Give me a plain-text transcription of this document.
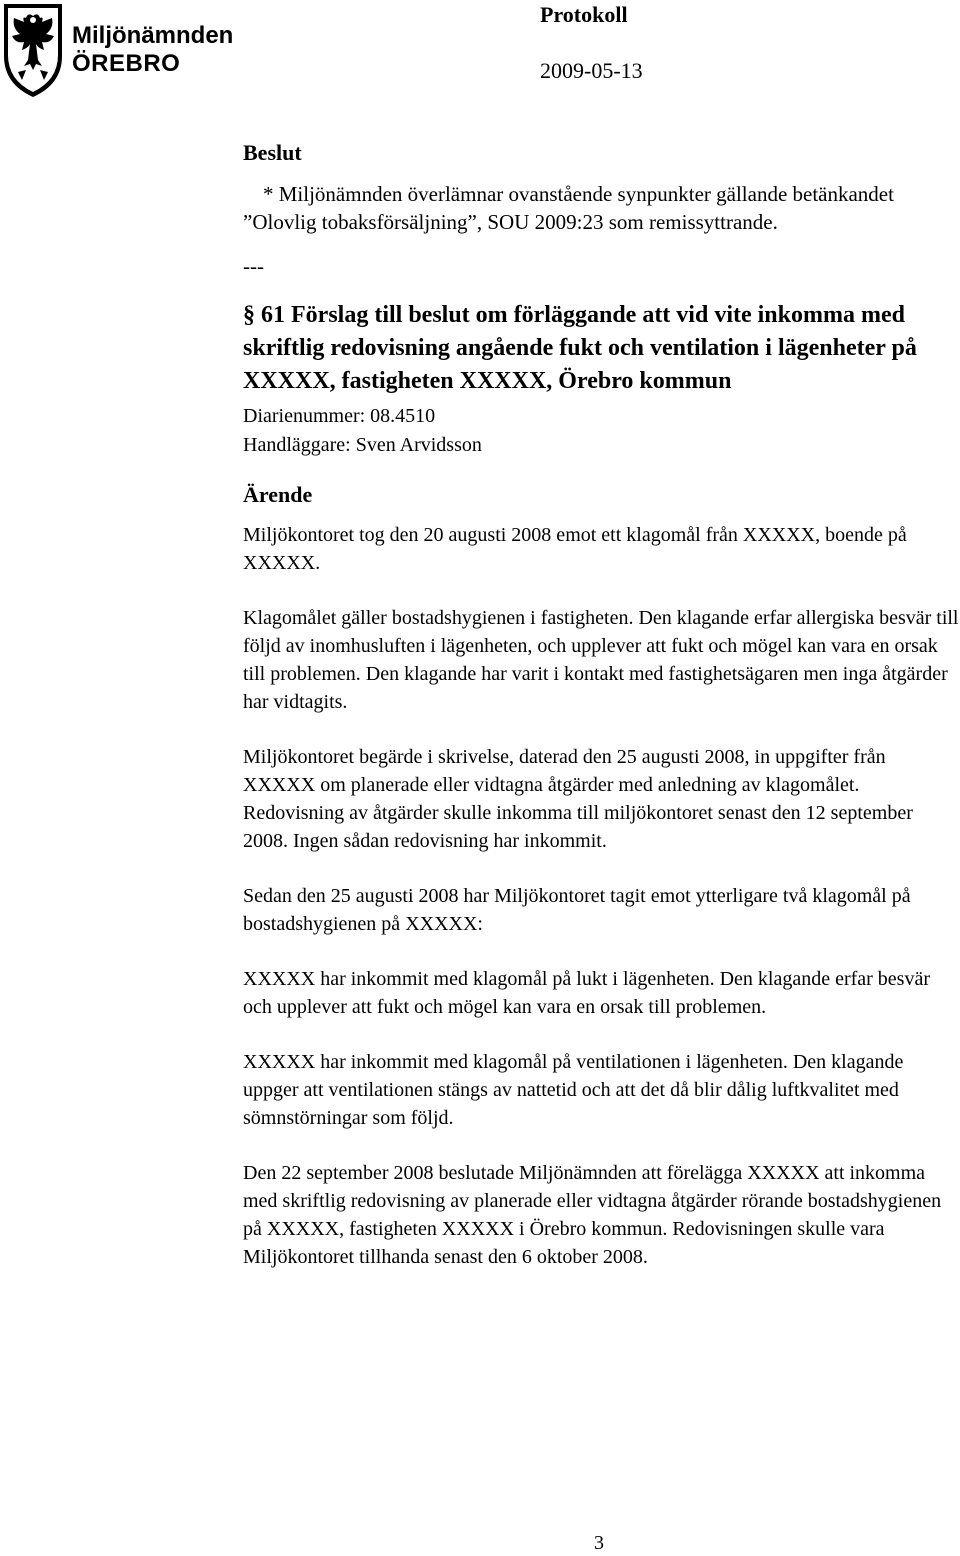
Miljönämnden
ÖREBRO
Protokoll
2009-05-13
Beslut

* Miljönämnden överlämnar ovanstående synpunkter gällande betänkandet ”Olovlig tobaksförsäljning”, SOU 2009:23 som remissyttrande.

---
§ 61 Förslag till beslut om förläggande att vid vite inkomma med skriftlig redovisning angående fukt och ventilation i lägenheter på XXXXX, fastigheten XXXXX, Örebro kommun
Diarienummer: 08.4510
Handläggare: Sven Arvidsson
Ärende

Miljökontoret tog den 20 augusti 2008 emot ett klagomål från XXXXX, boende på XXXXX.

Klagomålet gäller bostadshygienen i fastigheten. Den klagande erfar allergiska besvär till följd av inomhusluften i lägenheten, och upplever att fukt och mögel kan vara en orsak till problemen. Den klagande har varit i kontakt med fastighetsägaren men inga åtgärder har vidtagits.

Miljökontoret begärde i skrivelse, daterad den 25 augusti 2008, in uppgifter från XXXXX om planerade eller vidtagna åtgärder med anledning av klagomålet. Redovisning av åtgärder skulle inkomma till miljökontoret senast den 12 september 2008. Ingen sådan redovisning har inkommit.

Sedan den 25 augusti 2008 har Miljökontoret tagit emot ytterligare två klagomål på bostadshygienen på XXXXX:

XXXXX har inkommit med klagomål på lukt i lägenheten. Den klagande erfar besvär och upplever att fukt och mögel kan vara en orsak till problemen.

XXXXX har inkommit med klagomål på ventilationen i lägenheten. Den klagande uppger att ventilationen stängs av nattetid och att det då blir dålig luftkvalitet med sömnstörningar som följd.

Den 22 september 2008 beslutade Miljönämnden att förelägga XXXXX att inkomma med skriftlig redovisning av planerade eller vidtagna åtgärder rörande bostadshygienen på XXXXX, fastigheten XXXXX i Örebro kommun. Redovisningen skulle vara Miljökontoret tillhanda senast den 6 oktober 2008.

3
